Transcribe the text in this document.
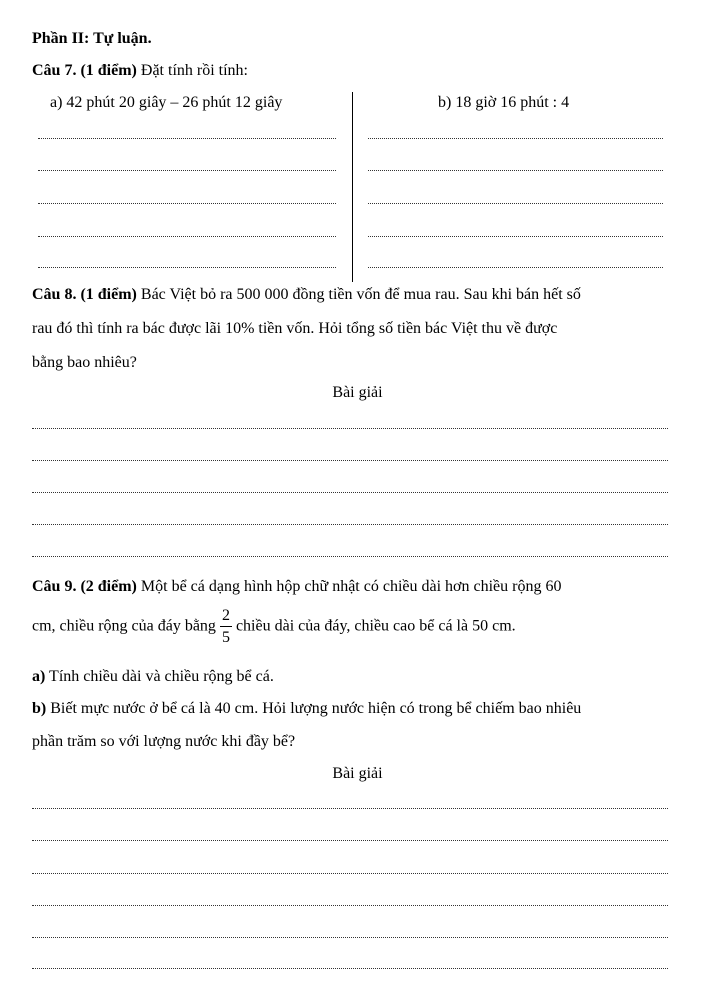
Phần II: Tự luận.
Câu 7. (1 điểm) Đặt tính rồi tính:
a) 42 phút 20 giây – 26 phút 12 giây	b) 18 giờ 16 phút : 4
Câu 8. (1 điểm) Bác Việt bỏ ra 500 000 đồng tiền vốn để mua rau. Sau khi bán hết số
rau đó thì tính ra bác được lãi 10% tiền vốn. Hỏi tổng số tiền bác Việt thu về được
bằng bao nhiêu?
Bài giải
Câu 9. (2 điểm) Một bể cá dạng hình hộp chữ nhật có chiều dài hơn chiều rộng 60
cm, chiều rộng của đáy bằng $\frac{2}{5}$ chiều dài của đáy, chiều cao bể cá là 50 cm.
a) Tính chiều dài và chiều rộng bể cá.
b) Biết mực nước ở bể cá là 40 cm. Hỏi lượng nước hiện có trong bể chiếm bao nhiêu
phần trăm so với lượng nước khi đầy bể?
Bài giải
